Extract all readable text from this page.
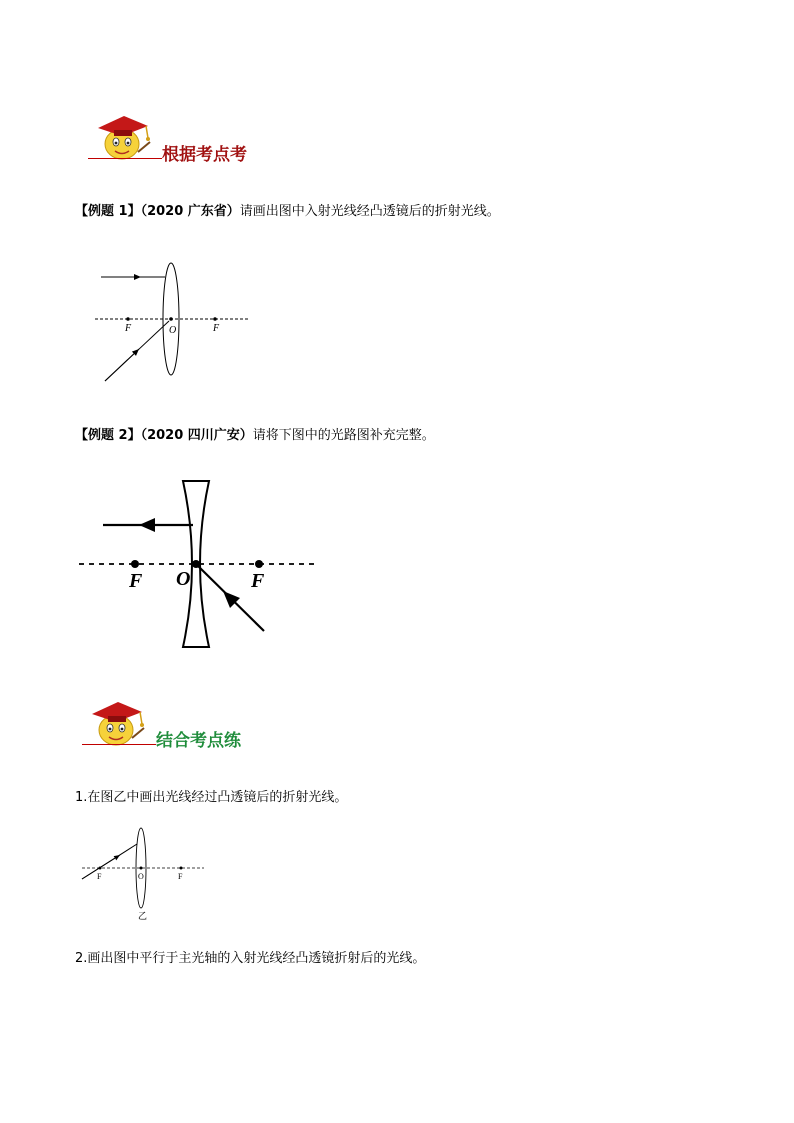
根据考点考
【例题 1】（2020 广东省）请画出图中入射光线经凸透镜后的折射光线。
F	O	F
【例题 2】（2020 四川广安）请将下图中的光路图补充完整。
F O	F
结合考点练
1.在图乙中画出光线经过凸透镜后的折射光线。
F	O	F
乙
2.画出图中平行于主光轴的入射光线经凸透镜折射后的光线。
